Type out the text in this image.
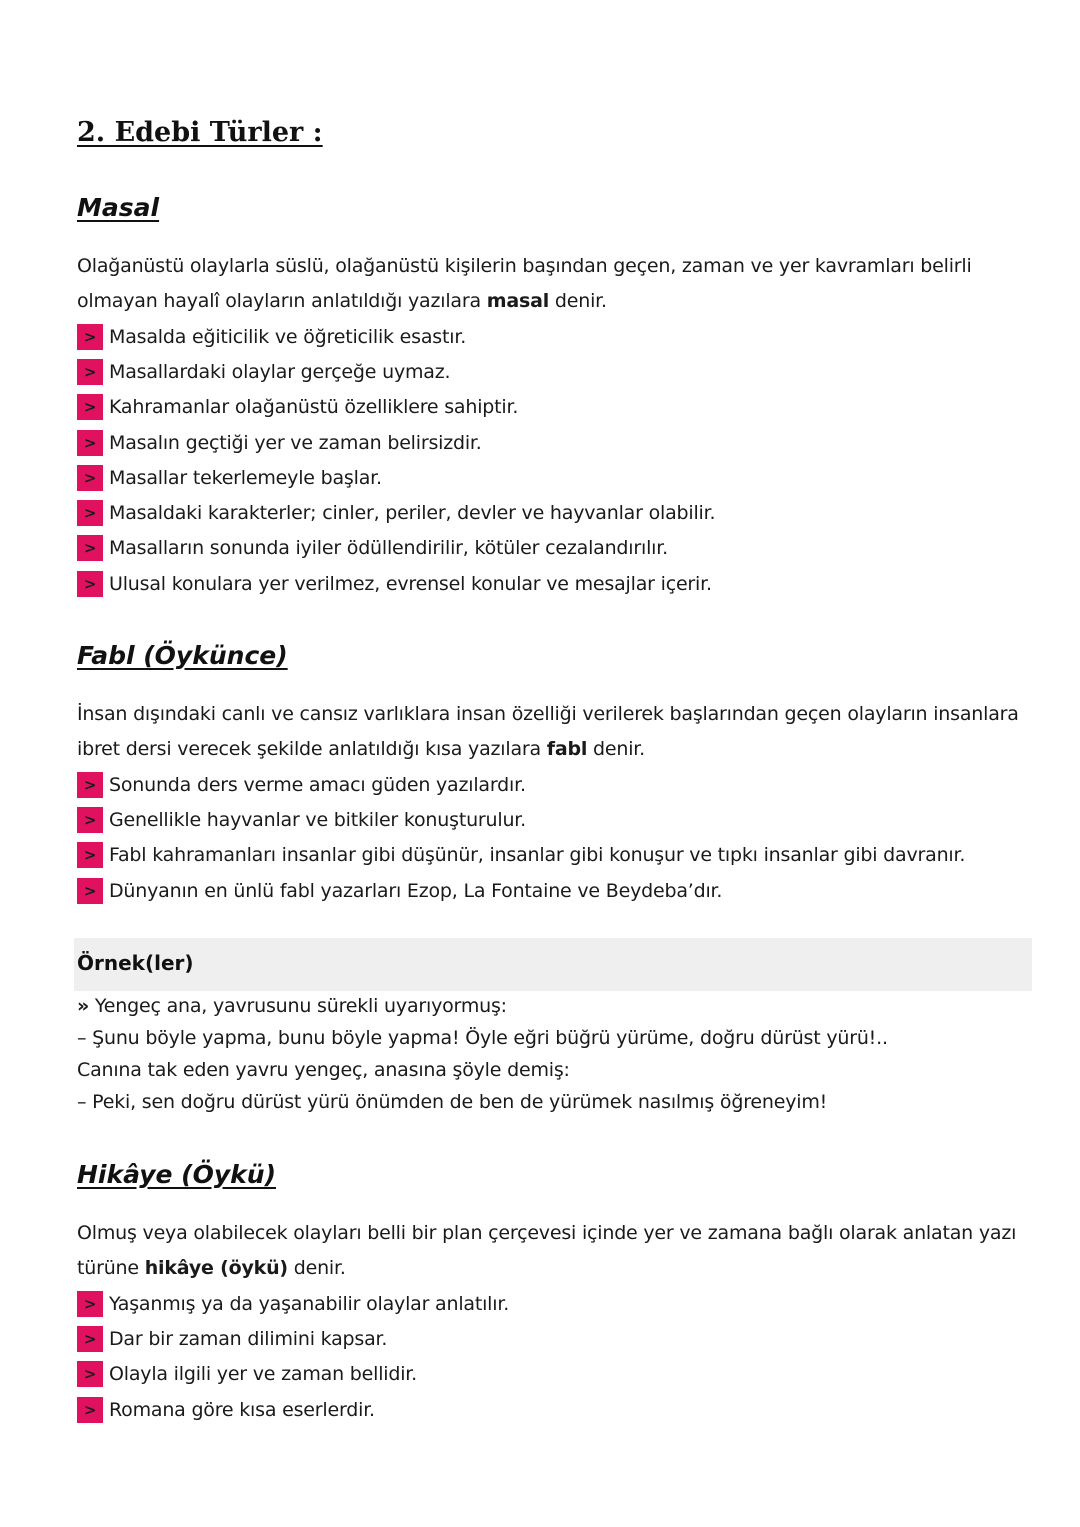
2. Edebi Türler :
Masal

Olağanüstü olaylarla süslü, olağanüstü kişilerin başından geçen, zaman ve yer kavramları belirli olmayan hayalî olayların anlatıldığı yazılara masal denir.

> Masalda eğiticilik ve öğreticilik esastır.
> Masallardaki olaylar gerçeğe uymaz.
> Kahramanlar olağanüstü özelliklere sahiptir.
> Masalın geçtiği yer ve zaman belirsizdir.
> Masallar tekerlemeyle başlar.
> Masaldaki karakterler; cinler, periler, devler ve hayvanlar olabilir.
> Masalların sonunda iyiler ödüllendirilir, kötüler cezalandırılır.
> Ulusal konulara yer verilmez, evrensel konular ve mesajlar içerir.
Fabl (Öykünce)

İnsan dışındaki canlı ve cansız varlıklara insan özelliği verilerek başlarından geçen olayların insanlara ibret dersi verecek şekilde anlatıldığı kısa yazılara fabl denir.

> Sonunda ders verme amacı güden yazılardır.
> Genellikle hayvanlar ve bitkiler konuşturulur.
> Fabl kahramanları insanlar gibi düşünür, insanlar gibi konuşur ve tıpkı insanlar gibi davranır.
> Dünyanın en ünlü fabl yazarları Ezop, La Fontaine ve Beydeba’dır.
Örnek(ler)

» Yengeç ana, yavrusunu sürekli uyarıyormuş:

– Şunu böyle yapma, bunu böyle yapma! Öyle eğri büğrü yürüme, doğru dürüst yürü!..

Canına tak eden yavru yengeç, anasına şöyle demiş:

– Peki, sen doğru dürüst yürü önümden de ben de yürümek nasılmış öğreneyim!

Hikâye (Öykü)

Olmuş veya olabilecek olayları belli bir plan çerçevesi içinde yer ve zamana bağlı olarak anlatan yazı türüne hikâye (öykü) denir.

> Yaşanmış ya da yaşanabilir olaylar anlatılır.
> Dar bir zaman dilimini kapsar.
> Olayla ilgili yer ve zaman bellidir.
> Romana göre kısa eserlerdir.
